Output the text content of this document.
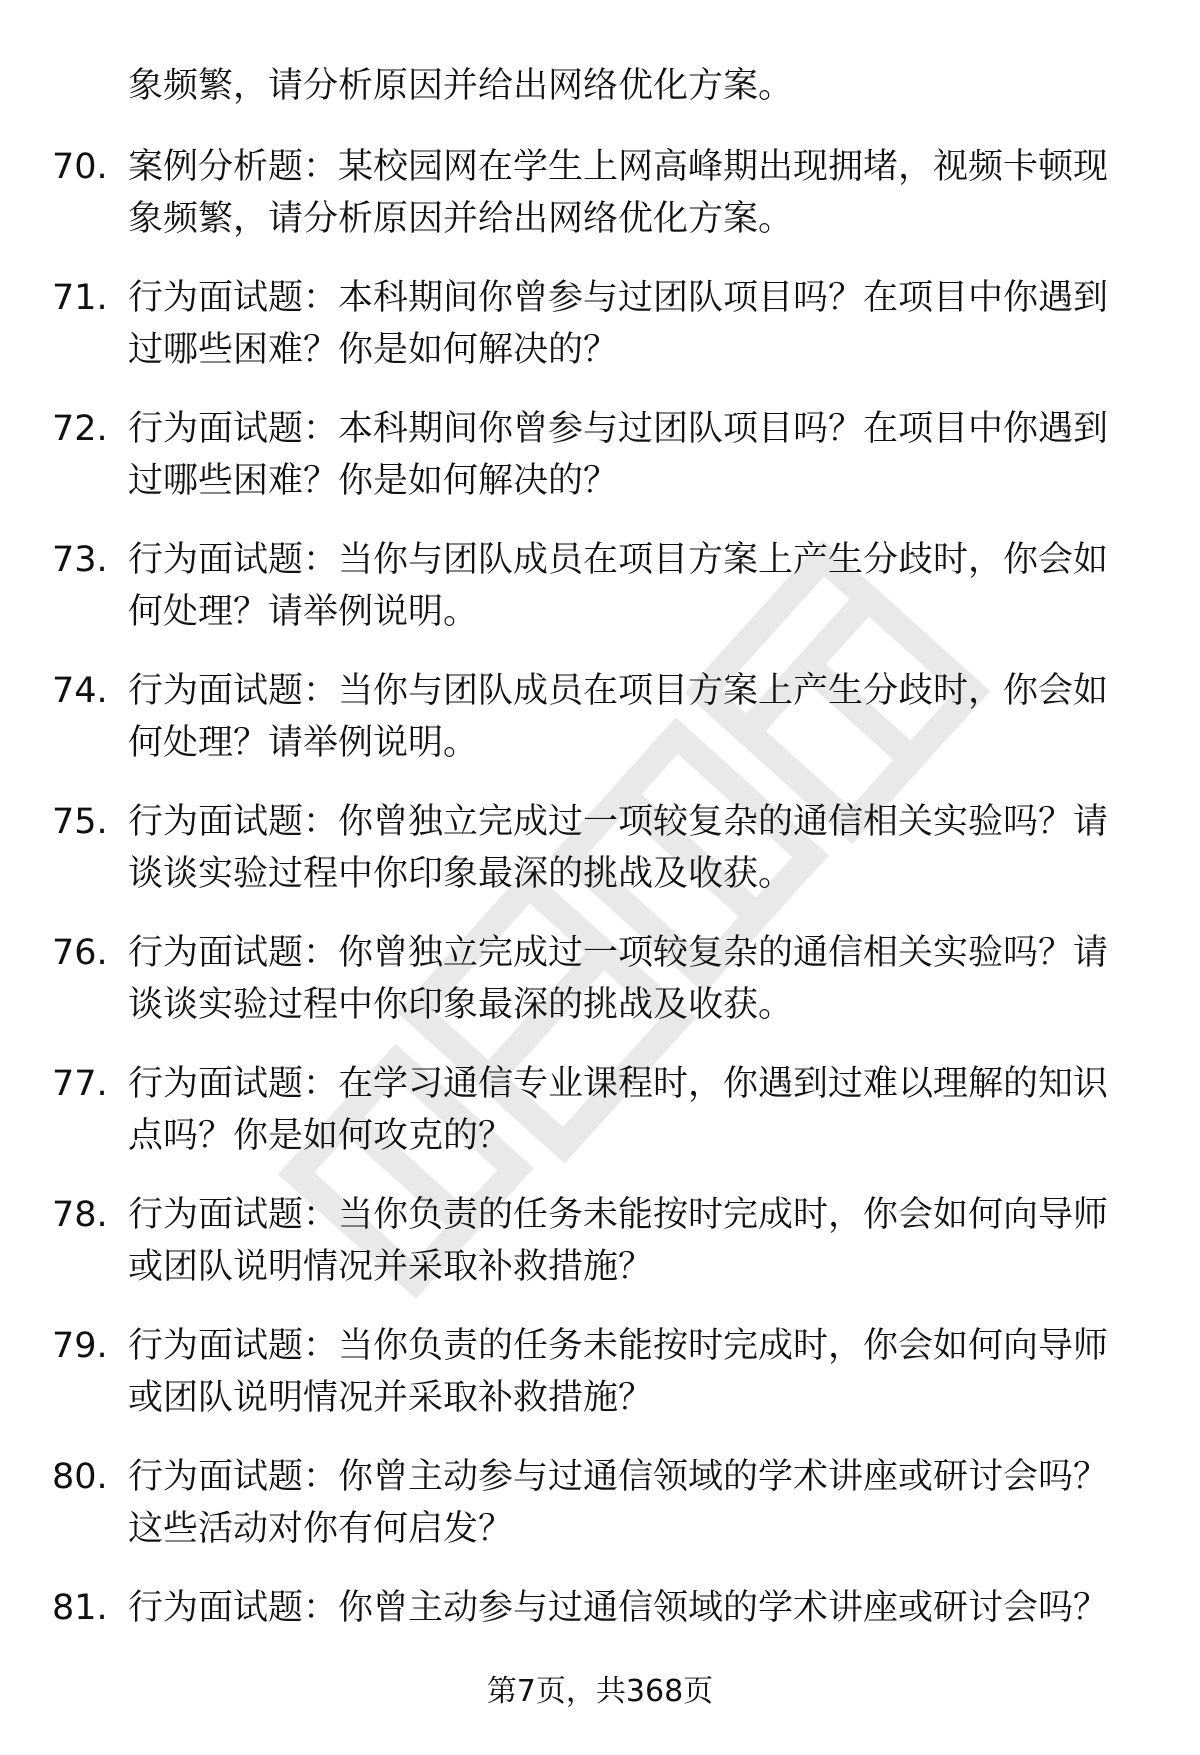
象频繁，请分析原因并给出网络优化方案。
70. 案例分析题：某校园网在学生上网高峰期出现拥堵，视频卡顿现象频繁，请分析原因并给出网络优化方案。
71. 行为面试题：本科期间你曾参与过团队项目吗？在项目中你遇到过哪些困难？你是如何解决的？
72. 行为面试题：本科期间你曾参与过团队项目吗？在项目中你遇到过哪些困难？你是如何解决的？
73. 行为面试题：当你与团队成员在项目方案上产生分歧时，你会如何处理？请举例说明。
74. 行为面试题：当你与团队成员在项目方案上产生分歧时，你会如何处理？请举例说明。
75. 行为面试题：你曾独立完成过一项较复杂的通信相关实验吗？请谈谈实验过程中你印象最深的挑战及收获。
76. 行为面试题：你曾独立完成过一项较复杂的通信相关实验吗？请谈谈实验过程中你印象最深的挑战及收获。
77. 行为面试题：在学习通信专业课程时，你遇到过难以理解的知识点吗？你是如何攻克的？
78. 行为面试题：当你负责的任务未能按时完成时，你会如何向导师或团队说明情况并采取补救措施？
79. 行为面试题：当你负责的任务未能按时完成时，你会如何向导师或团队说明情况并采取补救措施？
80. 行为面试题：你曾主动参与过通信领域的学术讲座或研讨会吗？这些活动对你有何启发？
81. 行为面试题：你曾主动参与过通信领域的学术讲座或研讨会吗？
第7页，共368页
